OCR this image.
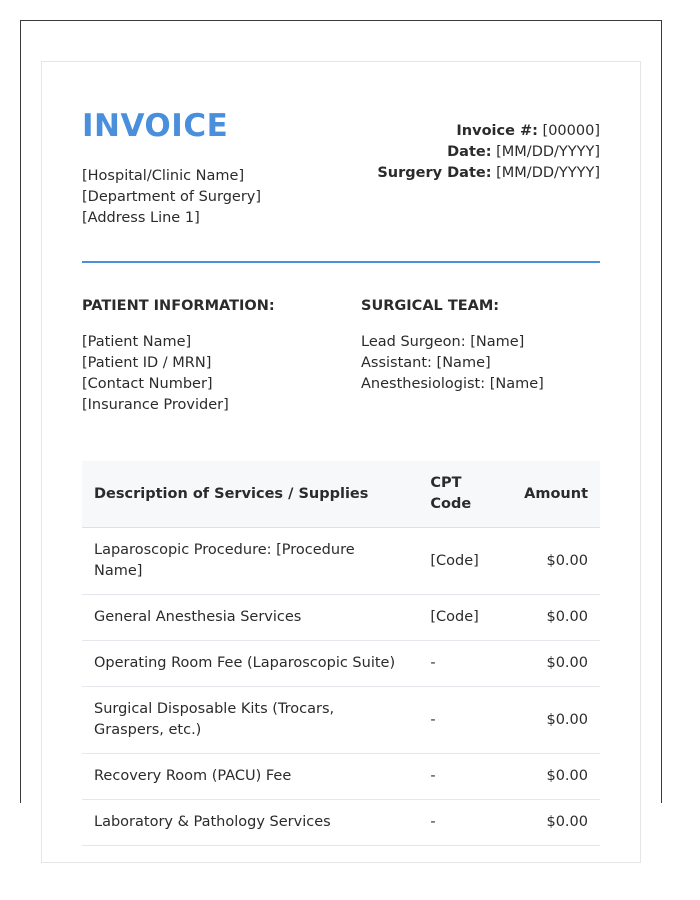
INVOICE
[Hospital/Clinic Name]
[Department of Surgery]
[Address Line 1]
Invoice #: [00000]
Date: [MM/DD/YYYY]
Surgery Date: [MM/DD/YYYY]
PATIENT INFORMATION:
[Patient Name]
[Patient ID / MRN]
[Contact Number]
[Insurance Provider]
SURGICAL TEAM:
Lead Surgeon: [Name]
Assistant: [Name]
Anesthesiologist: [Name]
Description of Services / Supplies	CPT Code	Amount
Laparoscopic Procedure: [Procedure Name]	[Code]	$0.00
General Anesthesia Services	[Code]	$0.00
Operating Room Fee (Laparoscopic Suite)	-	$0.00
Surgical Disposable Kits (Trocars, Graspers, etc.)	-	$0.00
Recovery Room (PACU) Fee	-	$0.00
Laboratory & Pathology Services	-	$0.00
